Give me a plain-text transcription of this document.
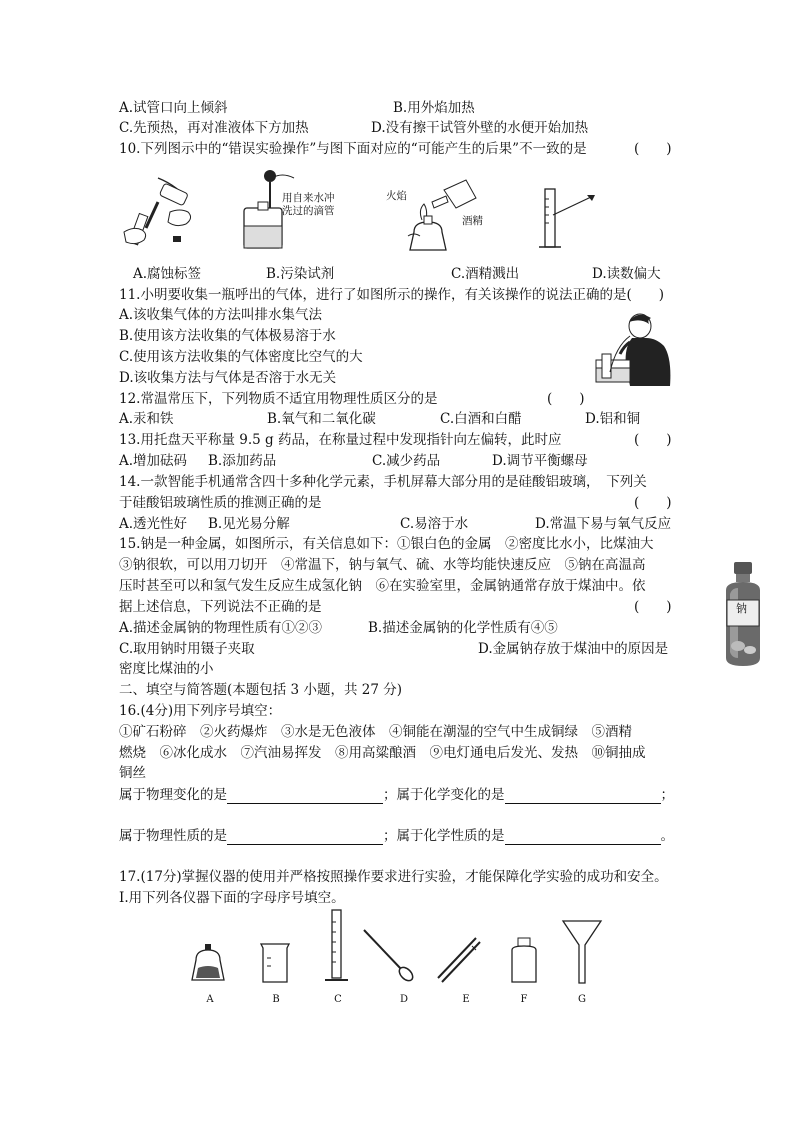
A.试管口向上倾斜	B.用外焰加热
C.先预热，再对准液体下方加热	D.没有擦干试管外壁的水便开始加热
10.下列图示中的“错误实验操作”与图下面对应的“可能产生的后果”不一致的是	(　　)
用自来水冲
洗过的滴管
火焰
酒精
A.腐蚀标签	B.污染试剂	C.酒精溅出	D.读数偏大
11.小明要收集一瓶呼出的气体，进行了如图所示的操作，有关该操作的说法正确的是(　　)
A.该收集气体的方法叫排水集气法
B.使用该方法收集的气体极易溶于水
C.使用该方法收集的气体密度比空气的大
D.该收集方法与气体是否溶于水无关
12.常温常压下，下列物质不适宜用物理性质区分的是	(　　)
A.汞和铁	B.氧气和二氧化碳	C.白酒和白醋	D.铝和铜
13.用托盘天平称量 9.5 g 药品，在称量过程中发现指针向左偏转，此时应	(　　)
A.增加砝码 B.添加药品	C.减少药品	D.调节平衡螺母
14.一款智能手机通常含四十多种化学元素，手机屏幕大部分用的是硅酸铝玻璃，　下列关
于硅酸铝玻璃性质的推测正确的是	(　　)
A.透光性好 B.见光易分解	C.易溶于水	D.常温下易与氧气反应
15.钠是一种金属，如图所示，有关信息如下：①银白色的金属　②密度比水小，比煤油大
③钠很软，可以用刀切开　④常温下，钠与氧气、硫、水等均能快速反应　⑤钠在高温高
压时甚至可以和氢气发生反应生成氢化钠　⑥在实验室里，金属钠通常存放于煤油中。依
据上述信息，下列说法不正确的是	(　　)
A.描述金属钠的物理性质有①②③	B.描述金属钠的化学性质有④⑤
C.取用钠时用镊子夹取	D.金属钠存放于煤油中的原因是
密度比煤油的小
钠
二、填空与简答题(本题包括 3 小题，共 27 分)
16.(4分)用下列序号填空：
①矿石粉碎　②火药爆炸　③水是无色液体　④铜能在潮湿的空气中生成铜绿　⑤酒精
燃烧　⑥冰化成水　⑦汽油易挥发　⑧用高粱酿酒　⑨电灯通电后发光、发热　⑩铜抽成
铜丝
属于物理变化的是	；属于化学变化的是	；
属于物理性质的是	；属于化学性质的是	。
17.(17分)掌握仪器的使用并严格按照操作要求进行实验，才能保障化学实验的成功和安全。
Ⅰ.用下列各仪器下面的字母序号填空。
A	B	C	D	E	F	G
